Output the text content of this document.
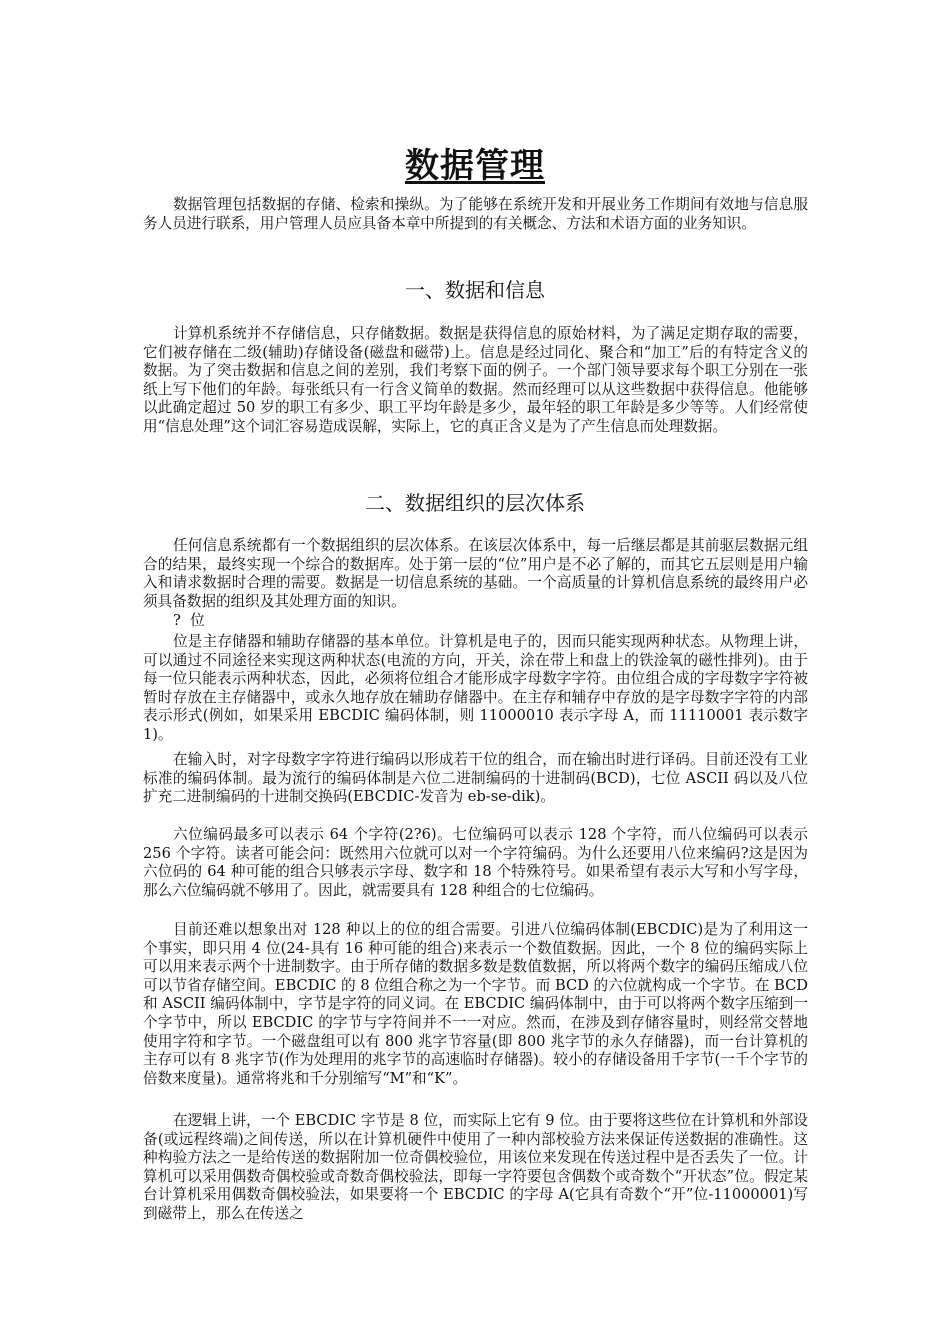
数据管理

数据管理包括数据的存储、检索和操纵。为了能够在系统开发和开展业务工作期间有效地与信息服务人员进行联系，用户管理人员应具备本章中所提到的有关概念、方法和术语方面的业务知识。

一、数据和信息

计算机系统并不存储信息，只存储数据。数据是获得信息的原始材料，为了满足定期存取的需要，它们被存储在二级(辅助)存储设备(磁盘和磁带)上。信息是经过同化、聚合和“加工”后的有特定含义的数据。为了突击数据和信息之间的差别，我们考察下面的例子。一个部门领导要求每个职工分别在一张纸上写下他们的年龄。每张纸只有一行含义简单的数据。然而经理可以从这些数据中获得信息。他能够以此确定超过 50 岁的职工有多少、职工平均年龄是多少，最年轻的职工年龄是多少等等。人们经常使用“信息处理”这个词汇容易造成误解，实际上，它的真正含义是为了产生信息而处理数据。

二、数据组织的层次体系

任何信息系统都有一个数据组织的层次体系。在该层次体系中，每一后继层都是其前驱层数据元组合的结果，最终实现一个综合的数据库。处于第一层的“位”用户是不必了解的，而其它五层则是用户输入和请求数据时合理的需要。数据是一切信息系统的基础。一个高质量的计算机信息系统的最终用户必须具备数据的组织及其处理方面的知识。

?  位

位是主存储器和辅助存储器的基本单位。计算机是电子的，因而只能实现两种状态。从物理上讲，可以通过不同途径来实现这两种状态(电流的方向，开关，涂在带上和盘上的铁淦氧的磁性排列)。由于每一位只能表示两种状态，因此，必须将位组合才能形成字母数字字符。由位组合成的字母数字字符被暂时存放在主存储器中，或永久地存放在辅助存储器中。在主存和辅存中存放的是字母数字字符的内部表示形式(例如，如果采用 EBCDIC 编码体制，则 11000010 表示字母 A，而 11110001 表示数字 1)。

在输入时，对字母数字字符进行编码以形成若干位的组合，而在输出时进行译码。目前还没有工业标准的编码体制。最为流行的编码体制是六位二进制编码的十进制码(BCD)，七位 ASCII 码以及八位扩充二进制编码的十进制交换码(EBCDIC-发音为 eb-se-dik)。

六位编码最多可以表示 64 个字符(2?6)。七位编码可以表示 128 个字符，而八位编码可以表示 256 个字符。读者可能会问：既然用六位就可以对一个字符编码。为什么还要用八位来编码?这是因为六位码的 64 种可能的组合只够表示字母、数字和 18 个特殊符号。如果希望有表示大写和小写字母，那么六位编码就不够用了。因此，就需要具有 128 种组合的七位编码。

目前还难以想象出对 128 种以上的位的组合需要。引进八位编码体制(EBCDIC)是为了利用这一个事实，即只用 4 位(24-具有 16 种可能的组合)来表示一个数值数据。因此，一个 8 位的编码实际上可以用来表示两个十进制数字。由于所存储的数据多数是数值数据，所以将两个数字的编码压缩成八位可以节省存储空间。EBCDIC 的 8 位组合称之为一个字节。而 BCD 的六位就构成一个字节。在 BCD 和 ASCII 编码体制中，字节是字符的同义词。在 EBCDIC 编码体制中，由于可以将两个数字压缩到一个字节中，所以 EBCDIC 的字节与字符间并不一一对应。然而，在涉及到存储容量时，则经常交替地使用字符和字节。一个磁盘组可以有 800 兆字节容量(即 800 兆字节的永久存储器)，而一台计算机的主存可以有 8 兆字节(作为处理用的兆字节的高速临时存储器)。较小的存储设备用千字节(一千个字节的倍数来度量)。通常将兆和千分别缩写“M”和“K”。

在逻辑上讲，一个 EBCDIC 字节是 8 位，而实际上它有 9 位。由于要将这些位在计算机和外部设备(或远程终端)之间传送，所以在计算机硬件中使用了一种内部校验方法来保证传送数据的准确性。这种构验方法之一是给传送的数据附加一位奇偶校验位，用该位来发现在传送过程中是否丢失了一位。计算机可以采用偶数奇偶校验或奇数奇偶校验法，即每一字符要包含偶数个或奇数个“开状态”位。假定某台计算机采用偶数奇偶校验法，如果要将一个 EBCDIC 的字母 A(它具有奇数个“开”位-11000001)写到磁带上，那么在传送之
